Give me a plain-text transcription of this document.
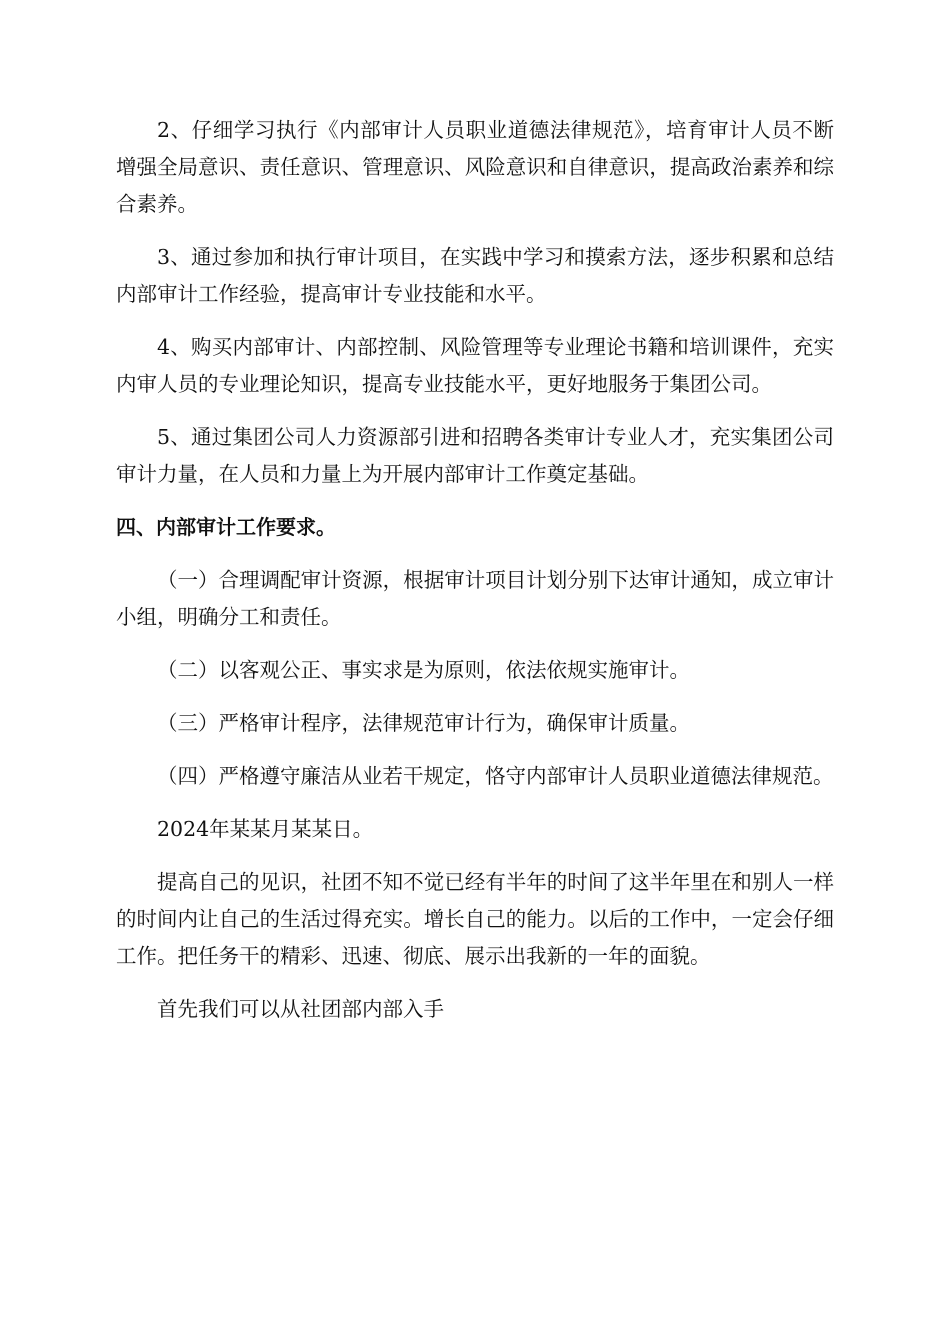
2、仔细学习执行《内部审计人员职业道德法律规范》，培育审计人员不断增强全局意识、责任意识、管理意识、风险意识和自律意识，提高政治素养和综合素养。

3、通过参加和执行审计项目，在实践中学习和摸索方法，逐步积累和总结内部审计工作经验，提高审计专业技能和水平。

4、购买内部审计、内部控制、风险管理等专业理论书籍和培训课件，充实内审人员的专业理论知识，提高专业技能水平，更好地服务于集团公司。

5、通过集团公司人力资源部引进和招聘各类审计专业人才，充实集团公司审计力量，在人员和力量上为开展内部审计工作奠定基础。

四、内部审计工作要求。

（一）合理调配审计资源，根据审计项目计划分别下达审计通知，成立审计小组，明确分工和责任。

（二）以客观公正、事实求是为原则，依法依规实施审计。

（三）严格审计程序，法律规范审计行为，确保审计质量。

（四）严格遵守廉洁从业若干规定，恪守内部审计人员职业道德法律规范。

2024年某某月某某日。

提高自己的见识，社团不知不觉已经有半年的时间了这半年里在和别人一样的时间内让自己的生活过得充实。增长自己的能力。以后的工作中，一定会仔细工作。把任务干的精彩、迅速、彻底、展示出我新的一年的面貌。

首先我们可以从社团部内部入手
